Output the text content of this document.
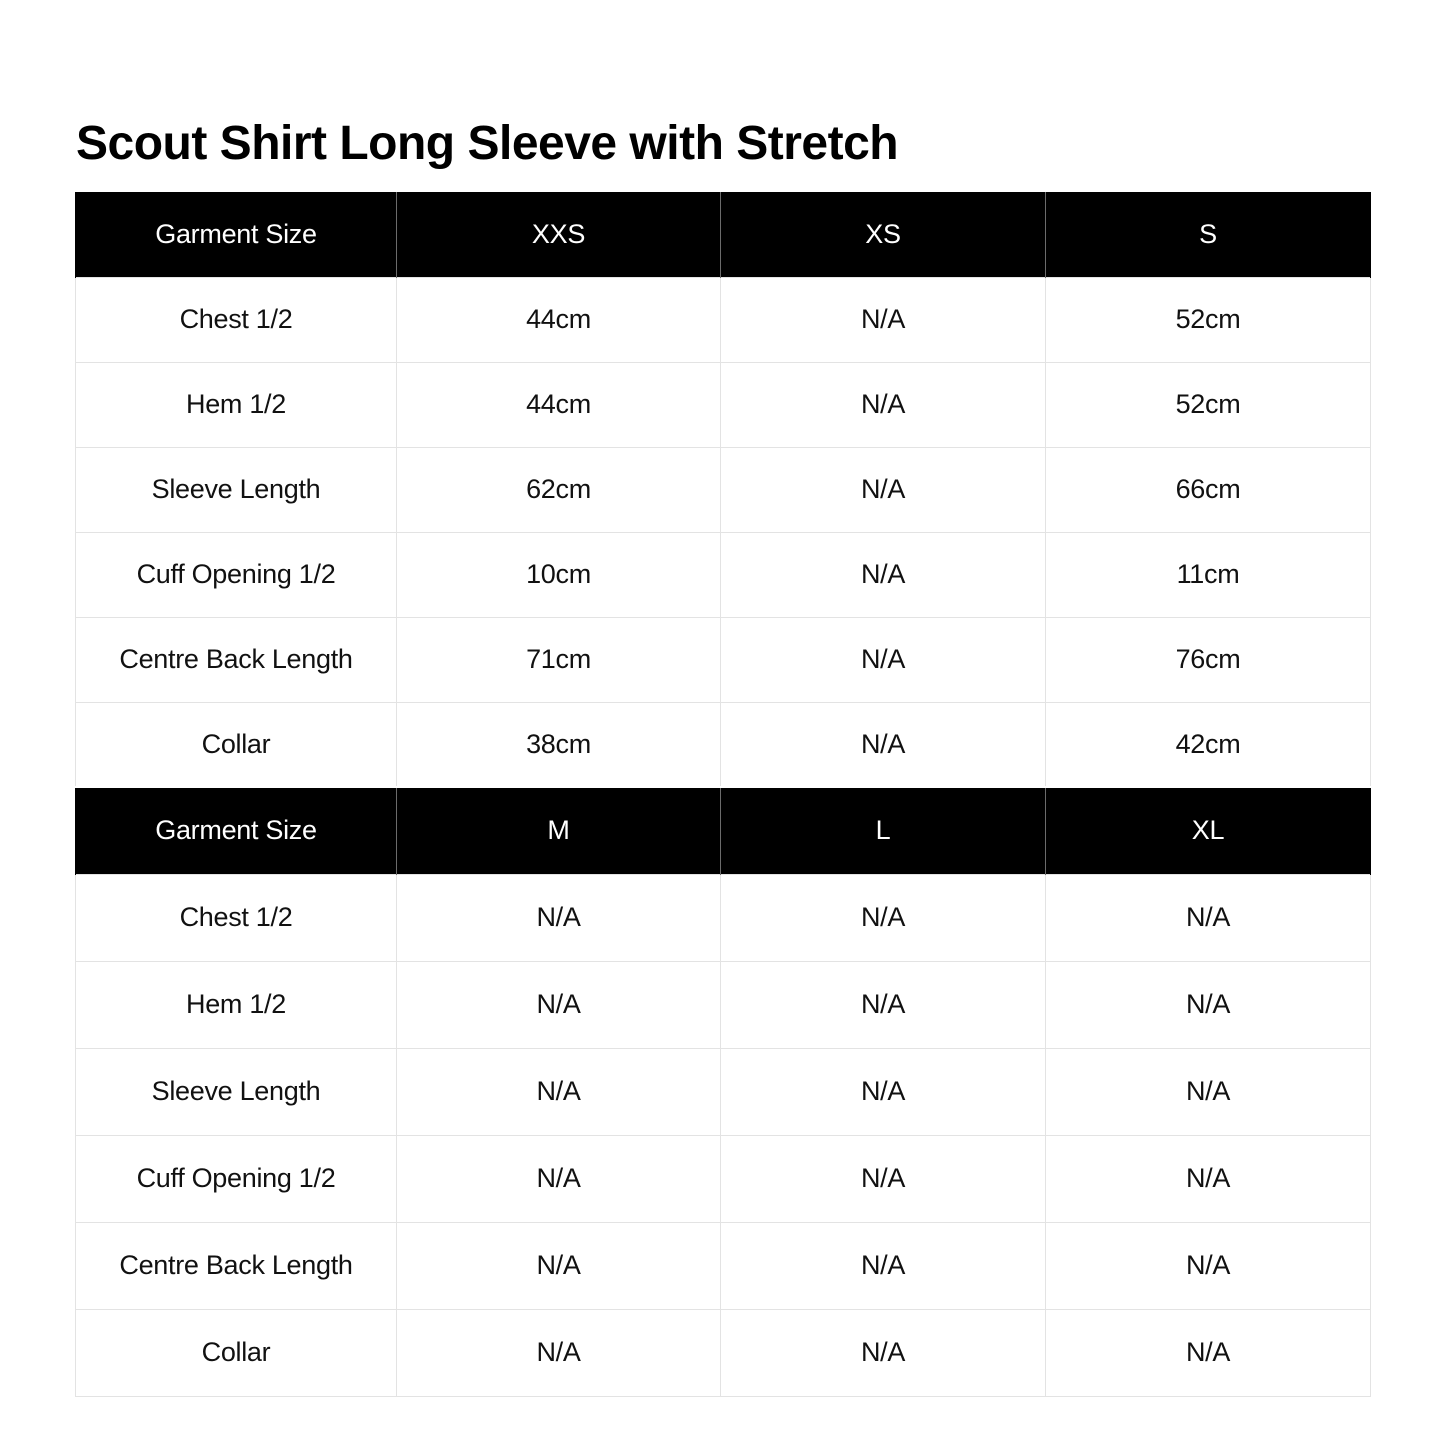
Scout Shirt Long Sleeve with Stretch
Garment Size	XXS	XS	S
Chest 1/2	44cm	N/A	52cm
Hem 1/2	44cm	N/A	52cm
Sleeve Length	62cm	N/A	66cm
Cuff Opening 1/2	10cm	N/A	11cm
Centre Back Length	71cm	N/A	76cm
Collar	38cm	N/A	42cm
Garment Size	M	L	XL
Chest 1/2	N/A	N/A	N/A
Hem 1/2	N/A	N/A	N/A
Sleeve Length	N/A	N/A	N/A
Cuff Opening 1/2	N/A	N/A	N/A
Centre Back Length	N/A	N/A	N/A
Collar	N/A	N/A	N/A
